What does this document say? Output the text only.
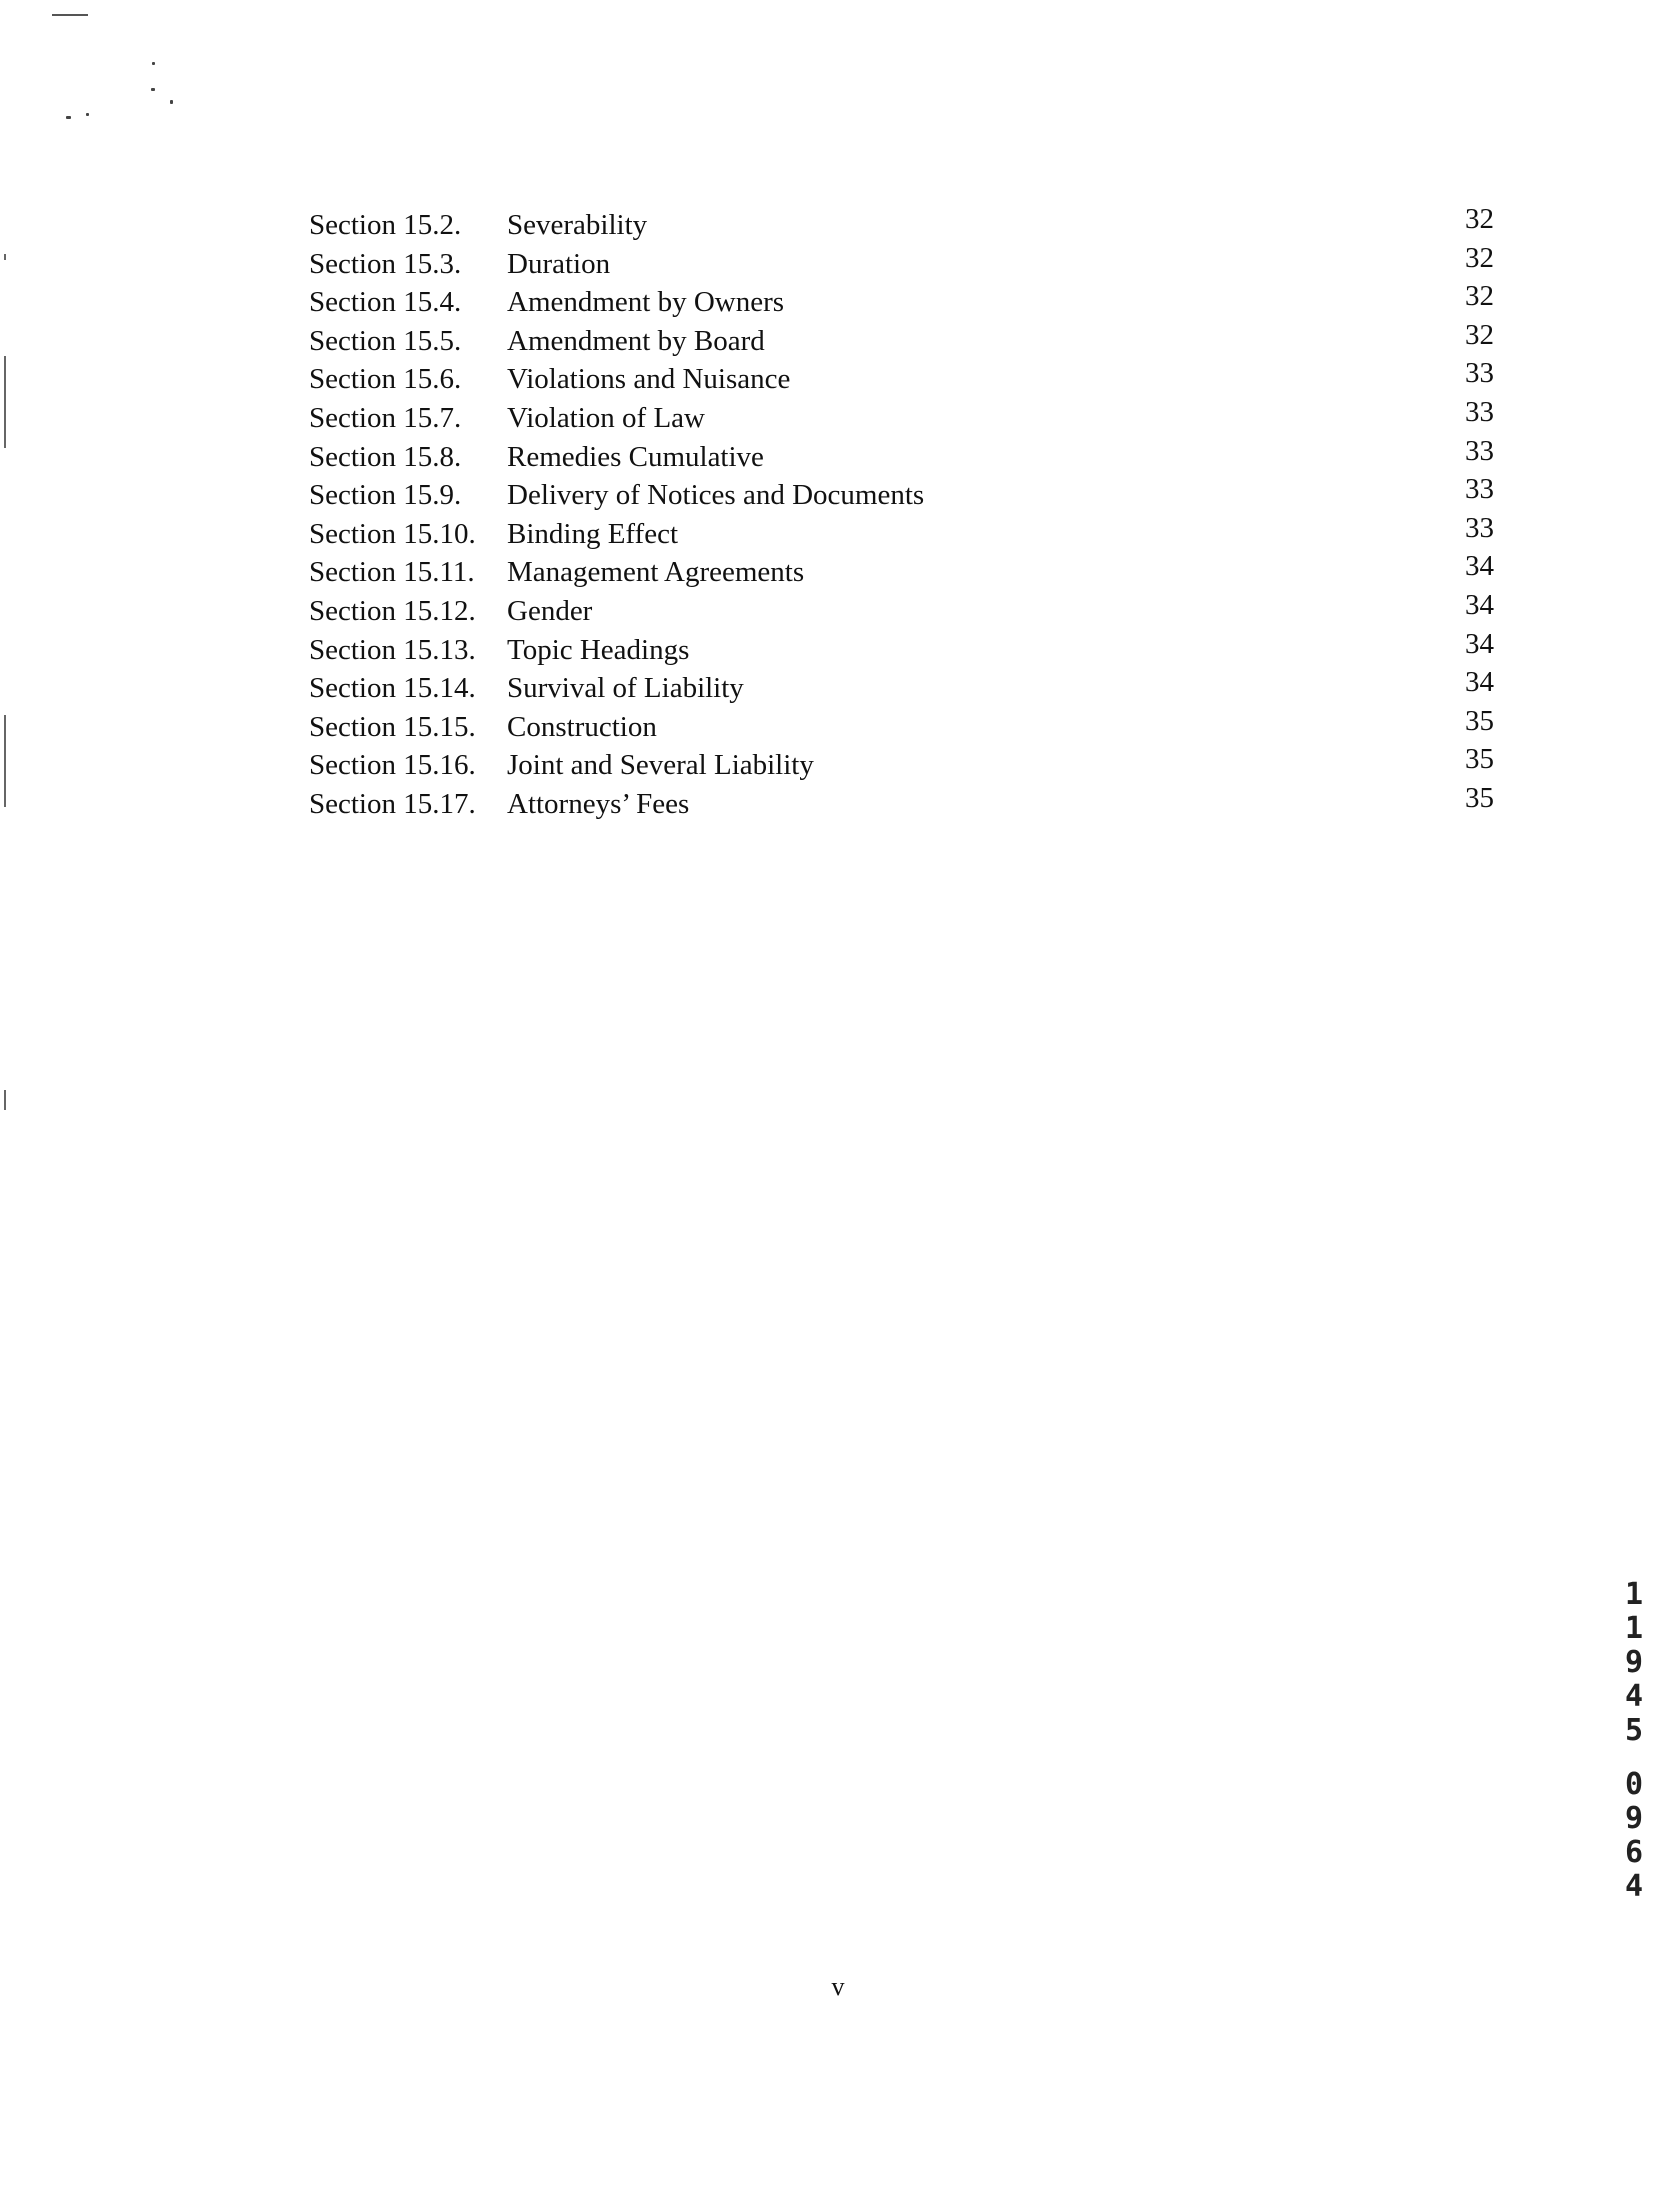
Section 15.2. Severability	32
Section 15.3. Duration	32
Section 15.4. Amendment by Owners	32
Section 15.5. Amendment by Board	32
Section 15.6. Violations and Nuisance	33
Section 15.7. Violation of Law	33
Section 15.8. Remedies Cumulative	33
Section 15.9. Delivery of Notices and Documents	33
Section 15.10. Binding Effect	33
Section 15.11. Management Agreements	34
Section 15.12. Gender	34
Section 15.13. Topic Headings	34
Section 15.14. Survival of Liability	34
Section 15.15. Construction	35
Section 15.16. Joint and Several Liability	35
Section 15.17. Attorneys’ Fees	35
v
1
1
9
4
5
0
9
6
4
